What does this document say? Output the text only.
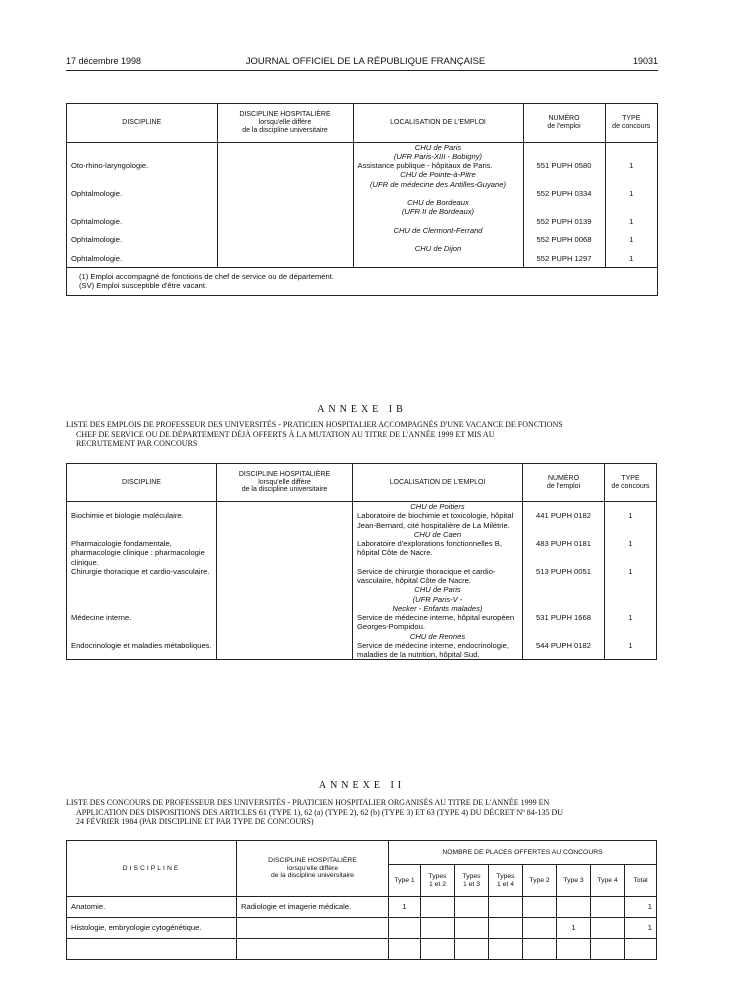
17 décembre 1998	JOURNAL OFFICIEL DE LA RÉPUBLIQUE FRANÇAISE	19031
DISCIPLINE	DISCIPLINE HOSPITALIÈRE
lorsqu'elle diffère
de la discipline universitaire	LOCALISATION DE L'EMPLOI	NUMÉRO
de l'emploi	TYPE
de concours
		CHU de Paris
(UFR Paris-XIII - Bobigny)		
Oto-rhino-laryngologie.		Assistance publique - hôpitaux de Paris.	551 PUPH 0580	1
		CHU de Pointe-à-Pitre
(UFR de médecine des Antilles-Guyane)		
Ophtalmologie.			552 PUPH 0334	1
		CHU de Bordeaux
(UFR II de Bordeaux)		
Ophtalmologie.			552 PUPH 0139	1
		CHU de Clermont-Ferrand		
Ophtalmologie.			552 PUPH 0068	1
		CHU de Dijon		
Ophtalmologie.			552 PUPH 1297	1
(1) Emploi accompagné de fonctions de chef de service ou de département.
(SV) Emploi susceptible d'être vacant.
ANNEXE IB
LISTE DES EMPLOIS DE PROFESSEUR DES UNIVERSITÉS - PRATICIEN HOSPITALIER ACCOMPAGNÉS D'UNE VACANCE DE FONCTIONS
CHEF DE SERVICE OU DE DÉPARTEMENT DÉJÀ OFFERTS À LA MUTATION AU TITRE DE L'ANNÉE 1999 ET MIS AU
RECRUTEMENT PAR CONCOURS
DISCIPLINE	DISCIPLINE HOSPITALIÈRE
lorsqu'elle diffère
de la discipline universitaire	LOCALISATION DE L'EMPLOI	NUMÉRO
de l'emploi	TYPE
de concours
		CHU de Poitiers		
Biochimie et biologie moléculaire.		Laboratoire de biochimie et toxicologie, hôpital Jean-Bernard, cité hospitalière de La Milétrie.	441 PUPH 0182	1
		CHU de Caen		
Pharmacologie fondamentale, pharmacologie clinique : pharmacologie clinique.		Laboratoire d'explorations fonctionnelles B, hôpital Côte de Nacre.	483 PUPH 0181	1
Chirurgie thoracique et cardio-vasculaire.		Service de chirurgie thoracique et cardio-vasculaire, hôpital Côte de Nacre.	513 PUPH 0051	1
		CHU de Paris
(UFR Paris-V -
Necker - Enfants malades)		
Médecine interne.		Service de médecine interne, hôpital européen Georges-Pompidou.	531 PUPH 1668	1
		CHU de Rennes		
Endocrinologie et maladies métaboliques.		Service de médecine interne, endocrinologie, maladies de la nutrition, hôpital Sud.	544 PUPH 0182	1
ANNEXE II
LISTE DES CONCOURS DE PROFESSEUR DES UNIVERSITÉS - PRATICIEN HOSPITALIER ORGANISÉS AU TITRE DE L'ANNÉE 1999 EN
APPLICATION DES DISPOSITIONS DES ARTICLES 61 (TYPE 1), 62 (a) (TYPE 2), 62 (b) (TYPE 3) ET 63 (TYPE 4) DU DÉCRET Nº 84-135 DU
24 FÉVRIER 1984 (PAR DISCIPLINE ET PAR TYPE DE CONCOURS)
DISCIPLINE	DISCIPLINE HOSPITALIÈRE
lorsqu'elle diffère
de la discipline universitaire	NOMBRE DE PLACES OFFERTES AU CONCOURS							
		Type 1	Types
1 et 2	Types
1 et 3	Types
1 et 4	Type 2	Type 3	Type 4	Total
Anatomie.	Radiologie et imagerie médicale.	1							1
Histologie, embryologie cytogénétique.							1		1
